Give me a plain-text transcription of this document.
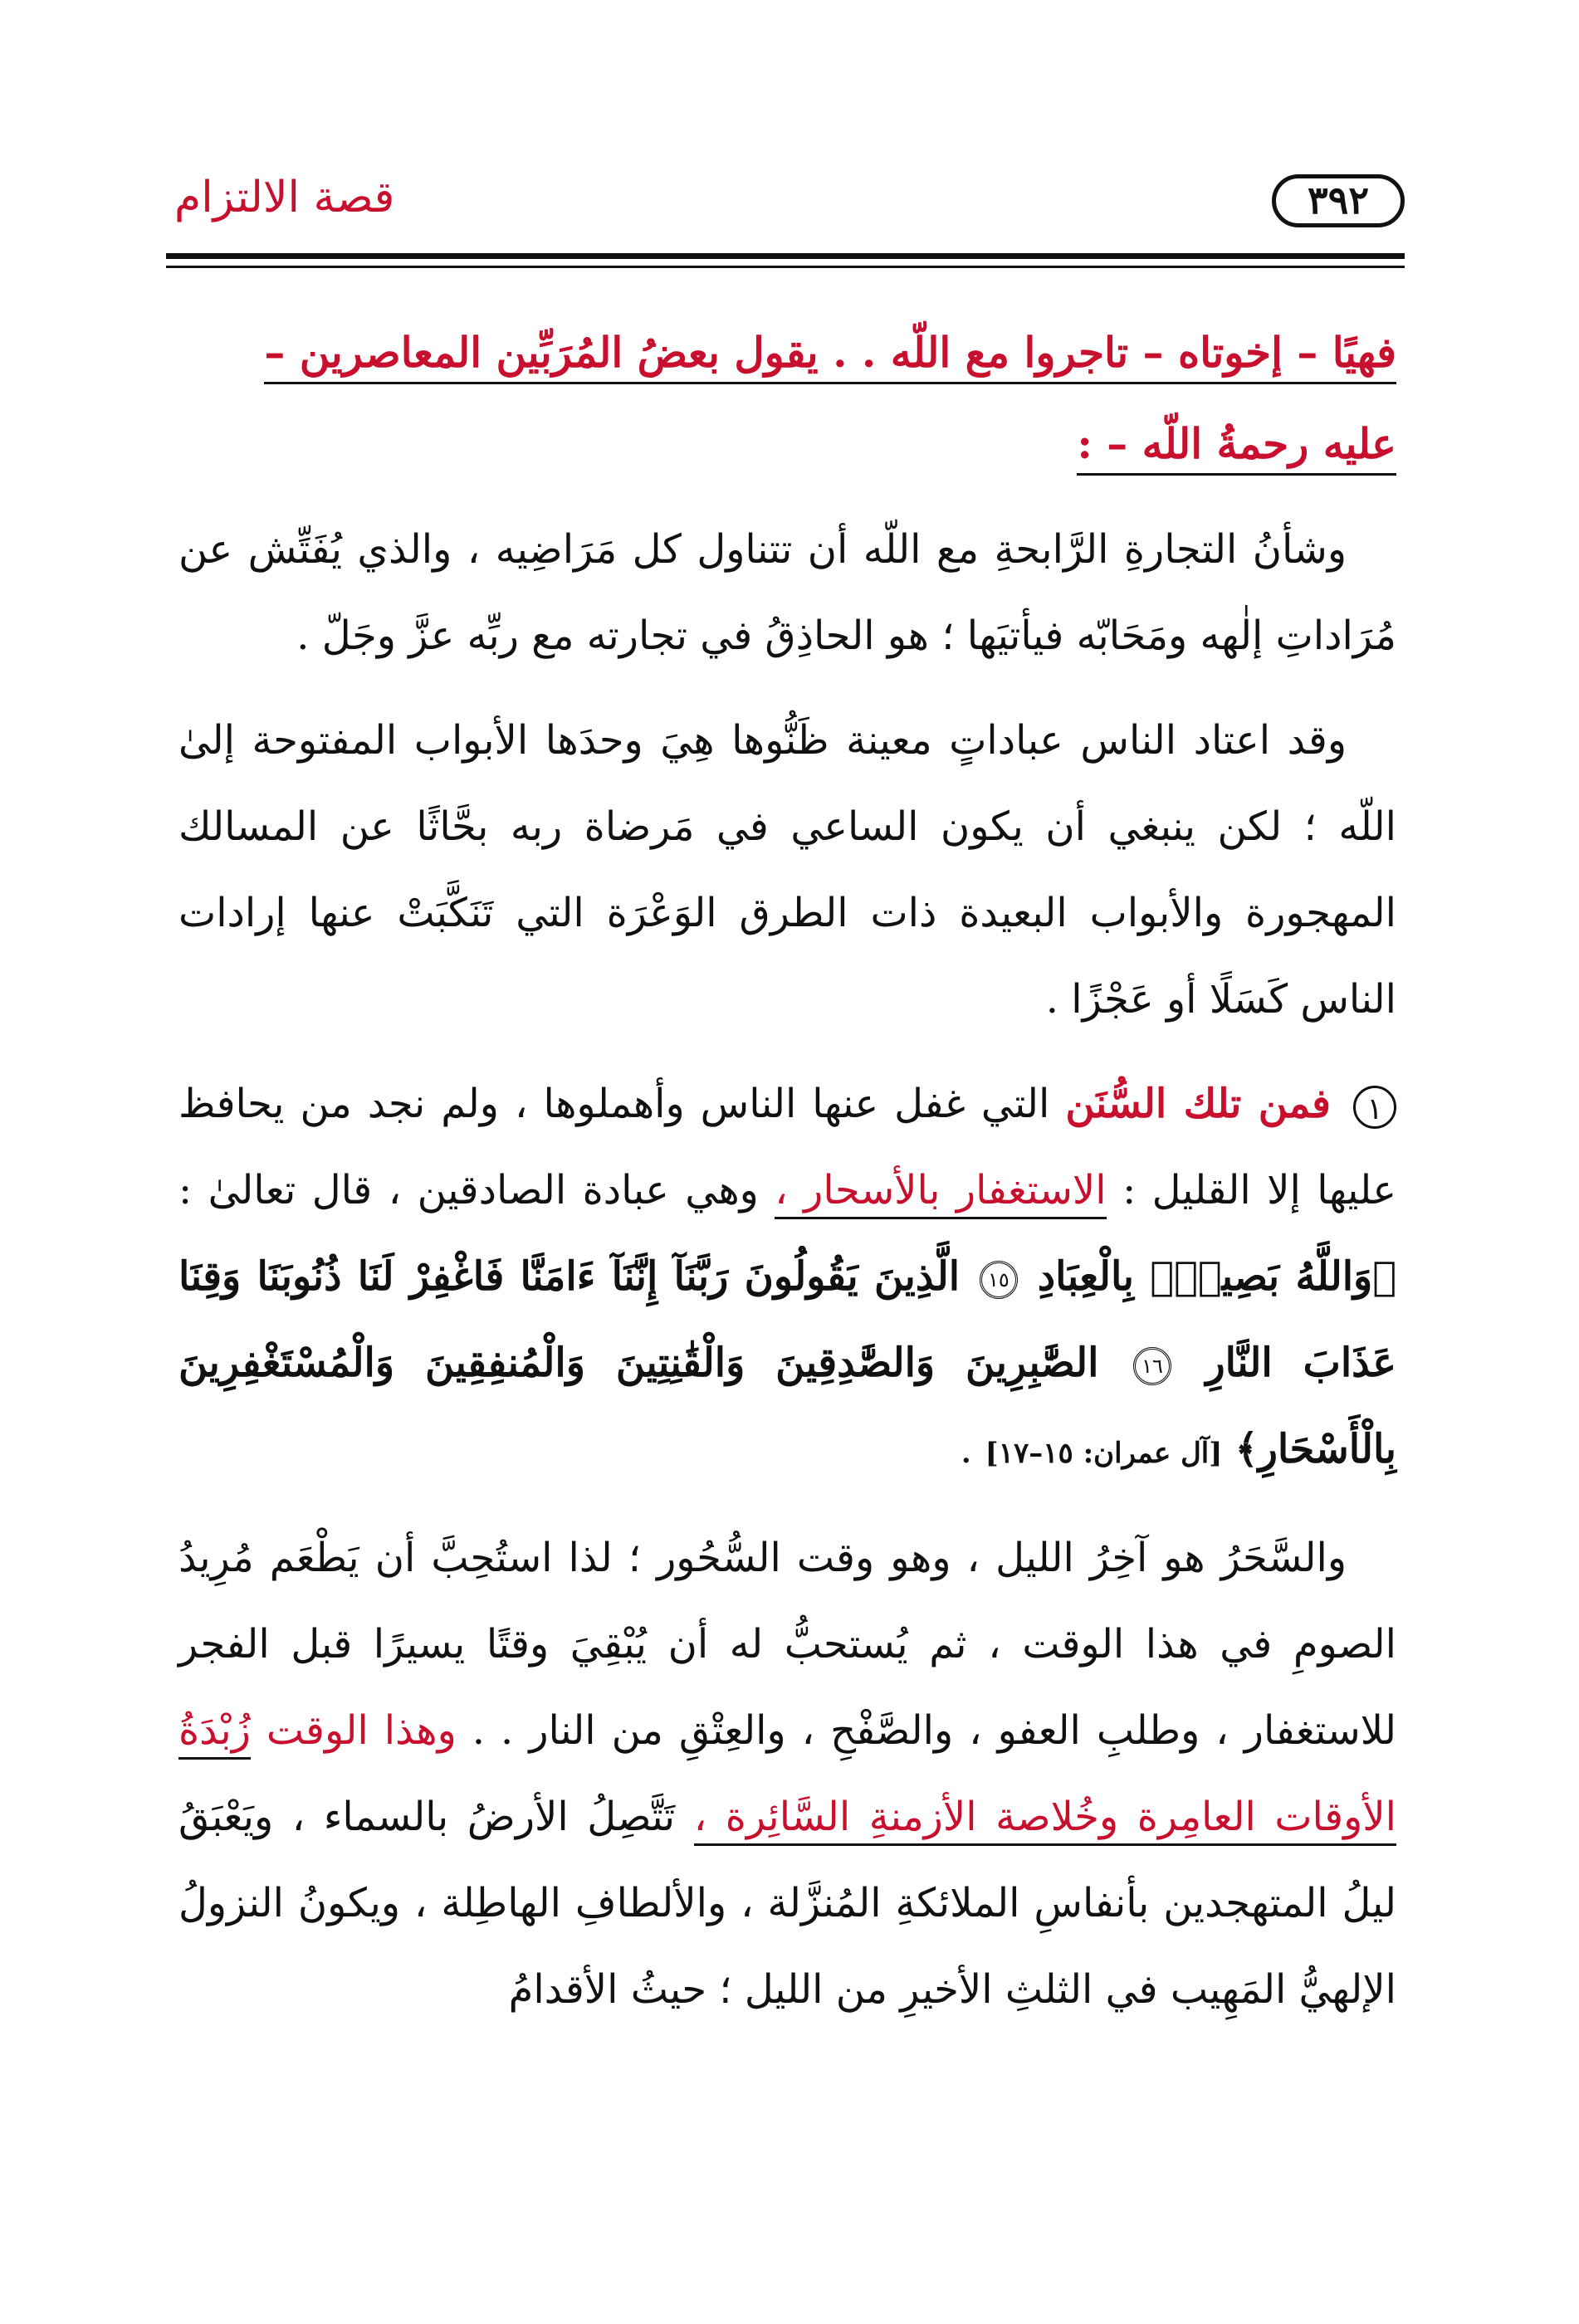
٣٩٢
قصة الالتزام
فهيًا – إخوتاه – تاجروا مع اللّه . . يقول بعضُ المُرَبِّين المعاصرين –
عليه رحمةُ اللّه – :

وشأنُ التجارةِ الرَّابحةِ مع اللّه أن تتناول كل مَرَاضِيه ، والذي يُفَتِّش عن مُرَاداتِ إلٰهه ومَحَابّه فيأتيَها ؛ هو الحاذِقُ في تجارته مع ربِّه عزَّ وجَلّ .

وقد اعتاد الناس عباداتٍ معينة ظَنُّوها هِيَ وحدَها الأبواب المفتوحة إلىٰ اللّه ؛ لكن ينبغي أن يكون الساعي في مَرضاة ربه بحَّاثًا عن المسالك المهجورة والأبواب البعيدة ذات الطرق الوَعْرَة التي تَنَكَّبَتْ عنها إرادات الناس كَسَلًا أو عَجْزًا .

١ فمن تلك السُّنَن التي غفل عنها الناس وأهملوها ، ولم نجد من يحافظ عليها إلا القليل : الاستغفار بالأسحار ، وهي عبادة الصادقين ، قال تعالىٰ : ﴿وَاللَّهُ بَصِيرٌۢ بِالْعِبَادِ ١٥ الَّذِينَ يَقُولُونَ رَبَّنَآ إِنَّنَآ ءَامَنَّا فَاغْفِرْ لَنَا ذُنُوبَنَا وَقِنَا عَذَابَ النَّارِ ١٦ الصَّٰبِرِينَ وَالصَّٰدِقِينَ وَالْقَٰنِتِينَ وَالْمُنفِقِينَ وَالْمُسْتَغْفِرِينَ بِالْأَسْحَارِ﴾ [آل عمران: ١٥–١٧] .

والسَّحَرُ هو آخِرُ الليل ، وهو وقت السُّحُور ؛ لذا استُحِبَّ أن يَطْعَم مُرِيدُ الصومِ في هذا الوقت ، ثم يُستحبُّ له أن يُبْقِيَ وقتًا يسيرًا قبل الفجر للاستغفار ، وطلبِ العفو ، والصَّفْحِ ، والعِتْقِ من النار . . وهذا الوقت زُبْدَةُ الأوقات العامِرة وخُلاصة الأزمنةِ السَّائِرة ، تَتَّصِلُ الأرضُ بالسماء ، ويَعْبَقُ ليلُ المتهجدين بأنفاسِ الملائكةِ المُنزَّلة ، والألطافِ الهاطِلة ، ويكونُ النزولُ الإلهيُّ المَهِيب في الثلثِ الأخيرِ من الليل ؛ حيثُ الأقدامُ
